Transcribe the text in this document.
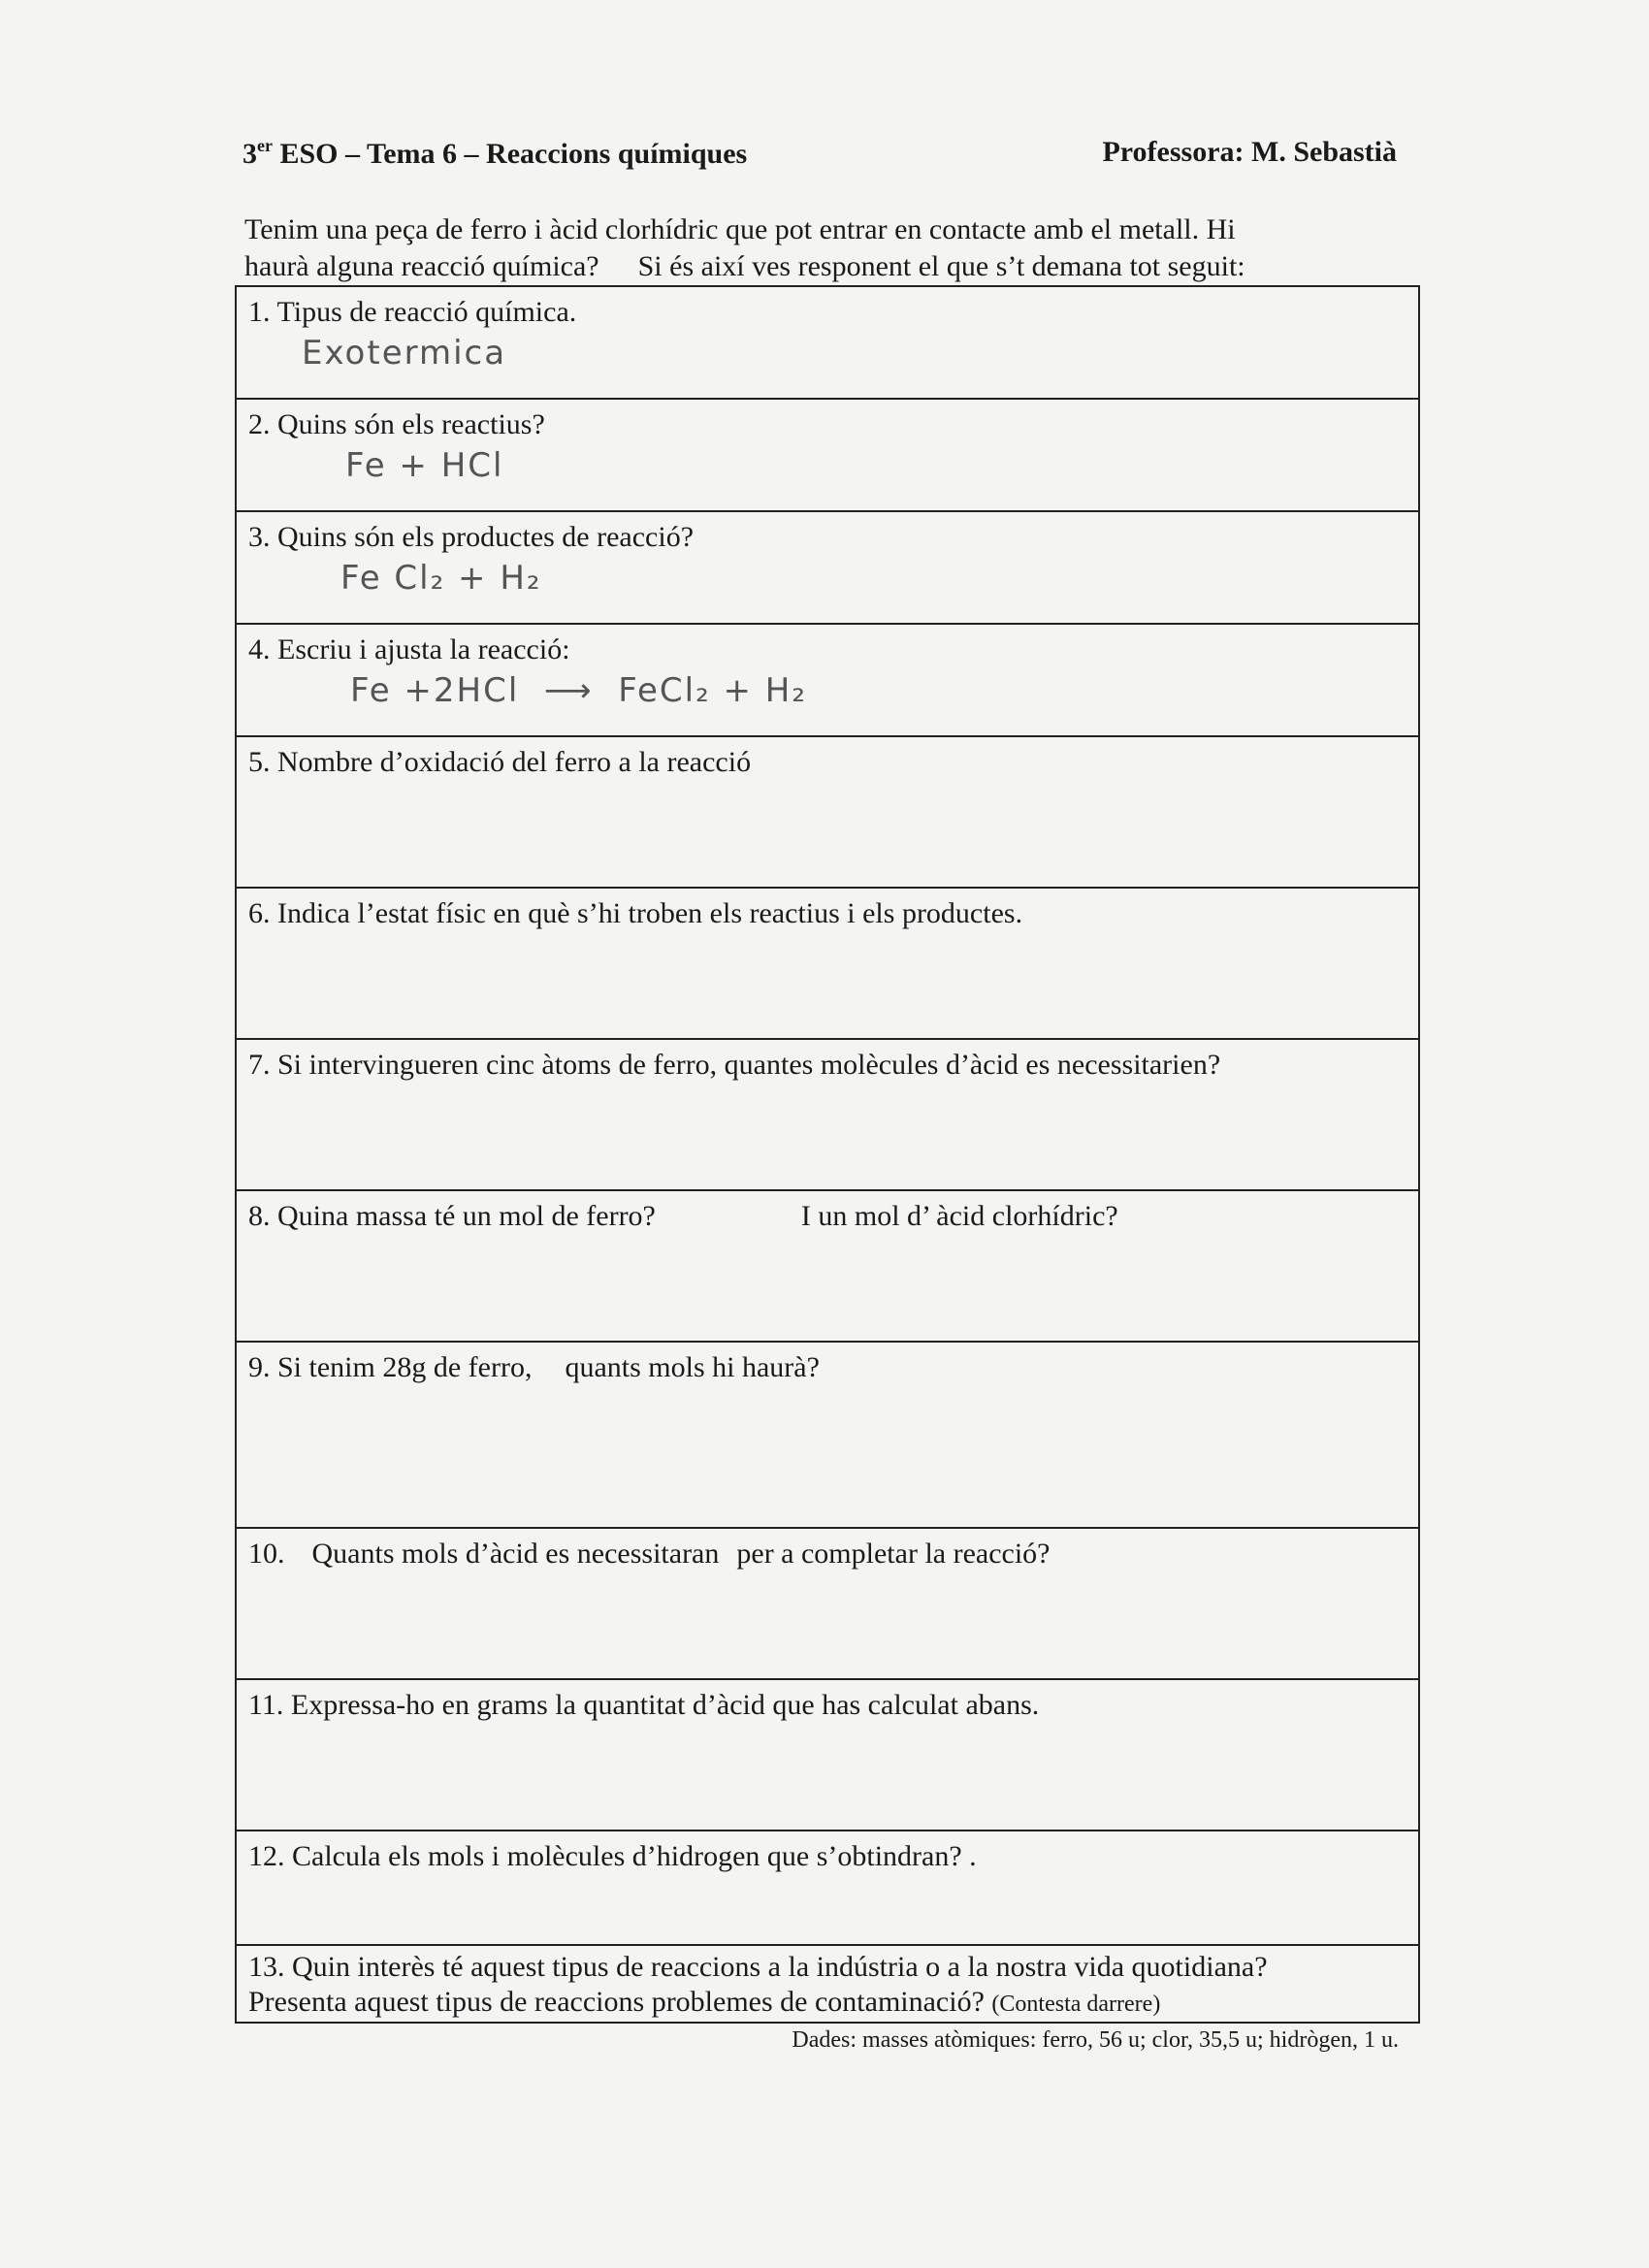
3er ESO – Tema 6 – Reaccions químiques	Professora: M. Sebastià
Tenim una peça de ferro i àcid clorhídric que pot entrar en contacte amb el metall. Hi
haurà alguna reacció química? Si és així ves responent el que s’t demana tot seguit:
1. Tipus de reacció química.
Exotermica

2. Quins són els reactius?
Fe + HCl

3. Quins són els productes de reacció?
Fe Cl₂ + H₂

4. Escriu i ajusta la reacció:
Fe +2HCl  ⟶  FeCl₂ + H₂

5. Nombre d’oxidació del ferro a la reacció
6. Indica l’estat físic en què s’hi troben els reactius i els productes.
7. Si intervingueren cinc àtoms de ferro, quantes molècules d’àcid es necessitarien?
8. Quina massa té un mol de ferro?	I un mol d’ àcid clorhídric?
9. Si tenim 28g de ferro, quants mols hi haurà?
10. Quants mols d’àcid es necessitaran per a completar la reacció?
11. Expressa-ho en grams la quantitat d’àcid que has calculat abans.
12. Calcula els mols i molècules d’hidrogen que s’obtindran? .

13. Quin interès té aquest tipus de reaccions a la indústria o a la nostra vida quotidiana?
Presenta aquest tipus de reaccions problemes de contaminació? (Contesta darrere)
Dades: masses atòmiques: ferro, 56 u; clor, 35,5 u; hidrògen, 1 u.
